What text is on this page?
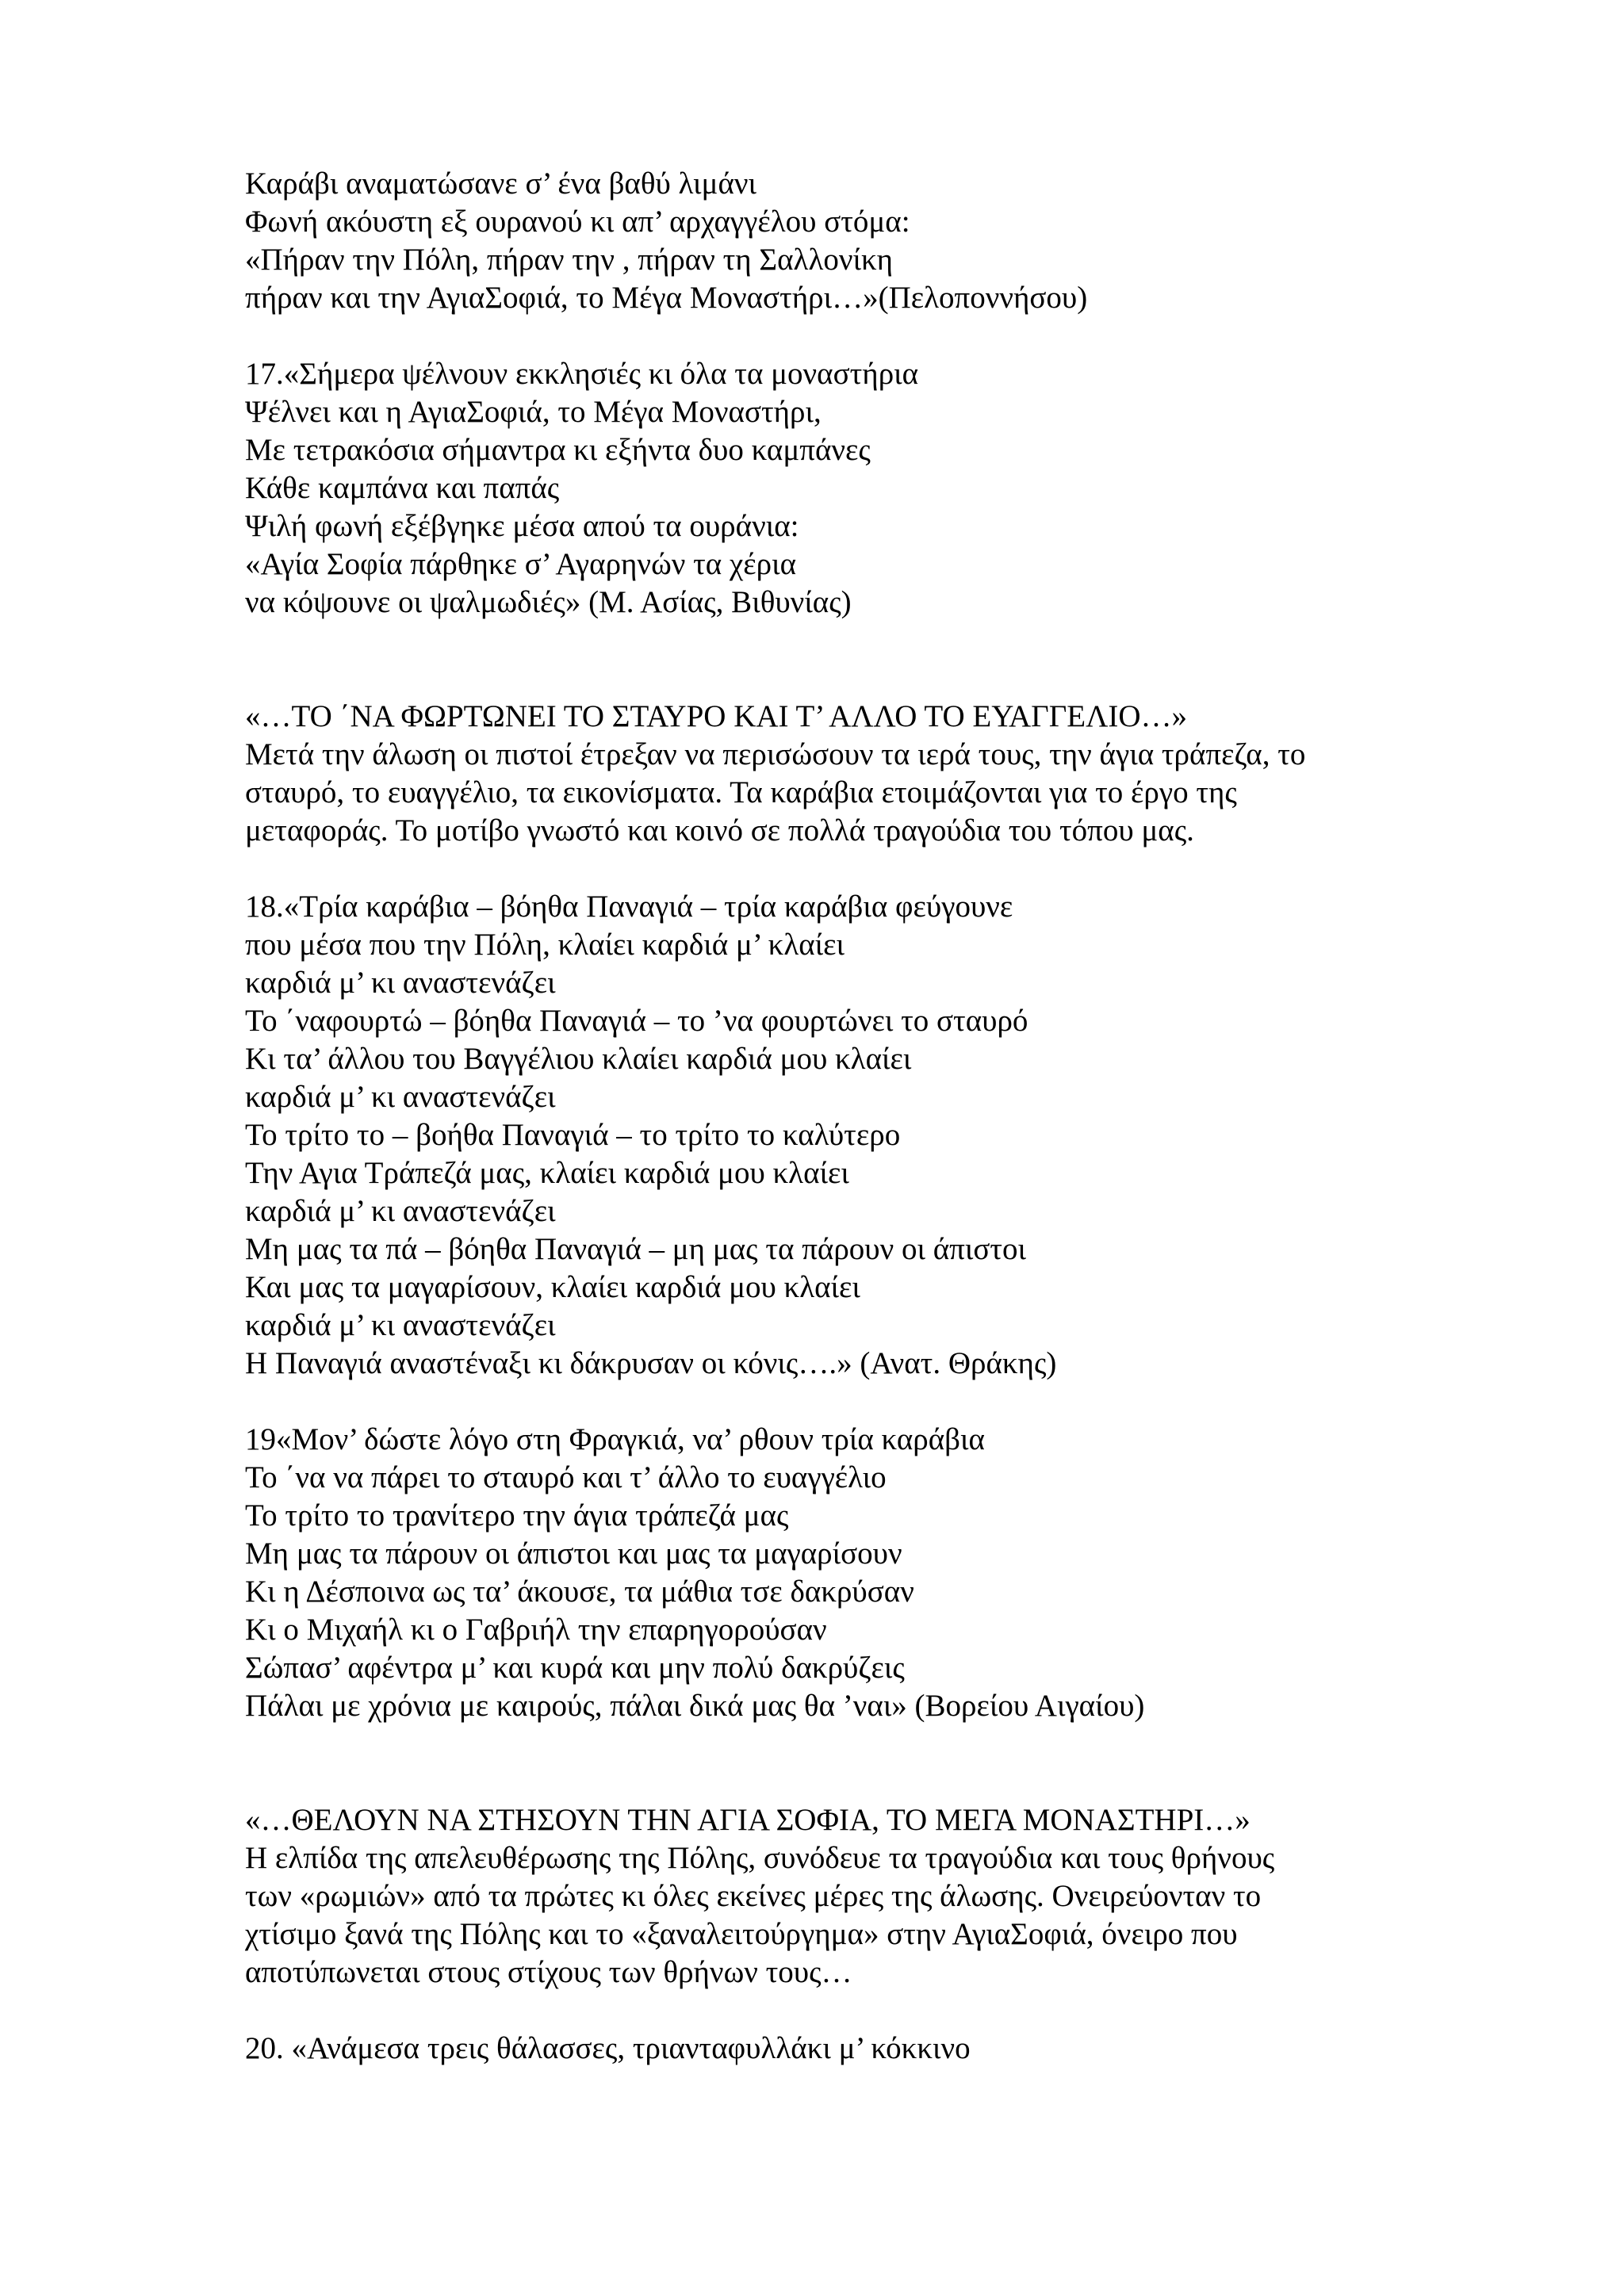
Καράβι αναματώσανε σ’ ένα βαθύ λιμάνι

Φωνή ακόυστη εξ ουρανού κι απ’ αρχαγγέλου στόμα:

«Πήραν την Πόλη, πήραν την , πήραν τη Σαλλονίκη

πήραν και την ΑγιαΣοφιά, το Μέγα Μοναστήρι…»(Πελοποννήσου)

17.«Σήμερα ψέλνουν εκκλησιές κι όλα τα μοναστήρια

Ψέλνει και η ΑγιαΣοφιά, το Μέγα Μοναστήρι,

Με τετρακόσια σήμαντρα κι εξήντα δυο καμπάνες

Κάθε καμπάνα και παπάς

Ψιλή φωνή εξέβγηκε μέσα απού τα ουράνια:

«Αγία Σοφία πάρθηκε σ’ Αγαρηνών τα χέρια

να κόψουνε οι ψαλμωδιές» (Μ. Ασίας, Βιθυνίας)

«…ΤΟ ΄ΝΑ ΦΩΡΤΩΝΕΙ ΤΟ ΣΤΑΥΡΟ ΚΑΙ Τ’ ΑΛΛΟ ΤΟ ΕΥΑΓΓΕΛΙΟ…»

Μετά την άλωση οι πιστοί έτρεξαν να περισώσουν τα ιερά τους, την άγια τράπεζα, το

σταυρό, το ευαγγέλιο, τα εικονίσματα. Τα καράβια ετοιμάζονται για το έργο της

μεταφοράς. Το μοτίβο γνωστό και κοινό σε πολλά τραγούδια του τόπου μας.

18.«Τρία καράβια – βόηθα Παναγιά – τρία καράβια φεύγουνε

που μέσα που την Πόλη, κλαίει καρδιά μ’ κλαίει

καρδιά μ’ κι αναστενάζει

Το ΄ναφουρτώ – βόηθα Παναγιά – το ’να φουρτώνει το σταυρό

Κι τα’ άλλου του Βαγγέλιου κλαίει καρδιά μου κλαίει

καρδιά μ’ κι αναστενάζει

Το τρίτο το – βοήθα Παναγιά – το τρίτο το καλύτερο

Την Αγια Τράπεζά μας, κλαίει καρδιά μου κλαίει

καρδιά μ’ κι αναστενάζει

Μη μας τα πά – βόηθα Παναγιά – μη μας τα πάρουν οι άπιστοι

Και μας τα μαγαρίσουν, κλαίει καρδιά μου κλαίει

καρδιά μ’ κι αναστενάζει

Η Παναγιά αναστέναξι κι δάκρυσαν οι κόνις….» (Ανατ. Θράκης)

19«Μον’ δώστε λόγο στη Φραγκιά, να’ ρθουν τρία καράβια

Το ΄να να πάρει το σταυρό και τ’ άλλο το ευαγγέλιο

Το τρίτο το τρανίτερο την άγια τράπεζά μας

Μη μας τα πάρουν οι άπιστοι και μας τα μαγαρίσουν

Κι η Δέσποινα ως τα’ άκουσε, τα μάθια τσε δακρύσαν

Κι ο Μιχαήλ κι ο Γαβριήλ την επαρηγορούσαν

Σώπασ’ αφέντρα μ’ και κυρά και μην πολύ δακρύζεις

Πάλαι με χρόνια με καιρούς, πάλαι δικά μας θα ’ναι» (Βορείου Αιγαίου)

«…ΘΕΛΟΥΝ ΝΑ ΣΤΗΣΟΥΝ ΤΗΝ ΑΓΙΑ ΣΟΦΙΑ, ΤΟ ΜΕΓΑ ΜΟΝΑΣΤΗΡΙ…»

Η ελπίδα της απελευθέρωσης της Πόλης, συνόδευε τα τραγούδια και τους θρήνους

των «ρωμιών» από τα πρώτες κι όλες εκείνες μέρες της άλωσης. Ονειρεύονταν το

χτίσιμο ξανά της Πόλης και το «ξαναλειτούργημα» στην ΑγιαΣοφιά, όνειρο που

αποτύπωνεται στους στίχους των θρήνων τους…

20. «Ανάμεσα τρεις θάλασσες, τριανταφυλλάκι μ’ κόκκινο
